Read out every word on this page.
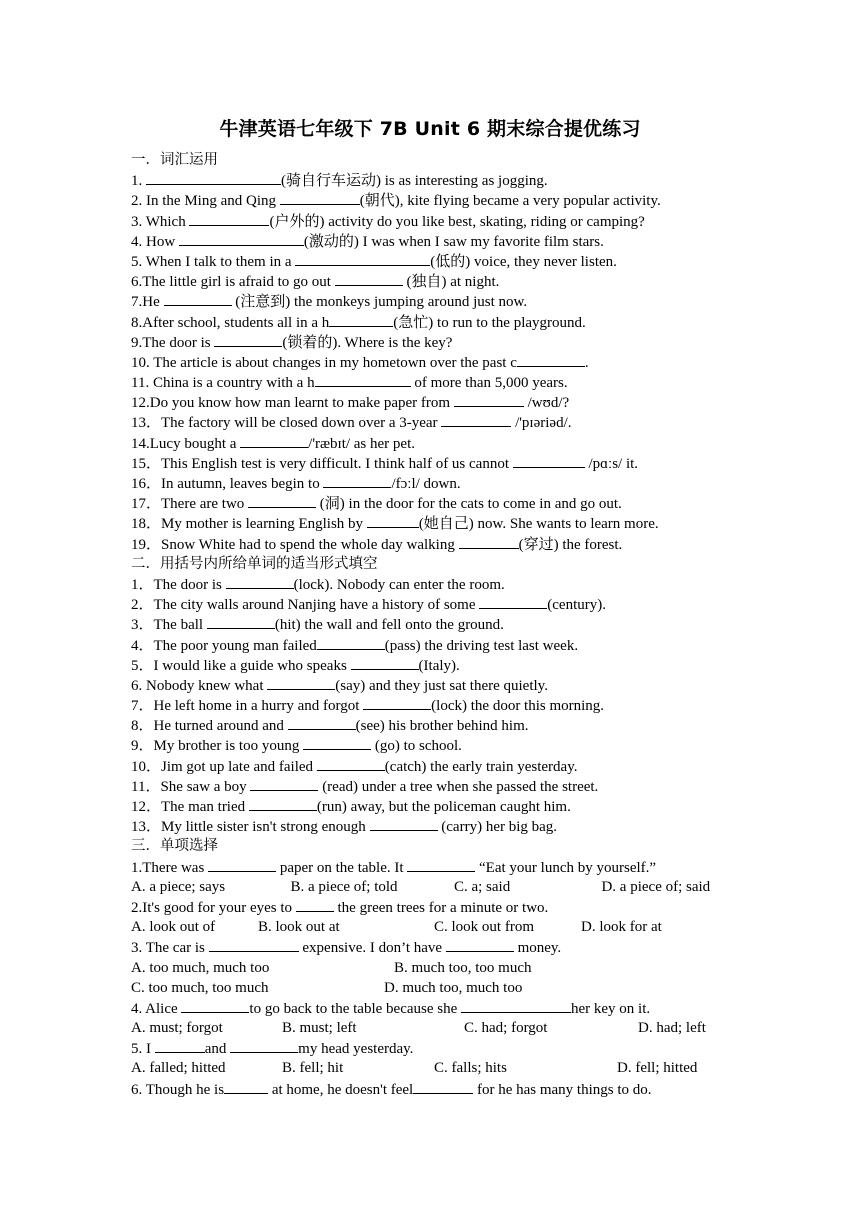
牛津英语七年级下 7B Unit 6 期末综合提优练习
一．词汇运用
1.	(骑自行车运动) is as interesting as jogging.
2. In the Ming and Qing	(朝代), kite flying became a very popular activity.
3. Which	(户外的) activity do you like best, skating, riding or camping?
4. How	(激动的) I was when I saw my favorite film stars.
5. When I talk to them in a	(低的) voice, they never listen.
6.The little girl is afraid to go out	(独自) at night.
7.He	(注意到) the monkeys jumping around just now.
8.After school, students all in a h	(急忙) to run to the playground.
9.The door is	(锁着的). Where is the key?
10. The article is about changes in my hometown over the past c	.
11. China is a country with a h	of more than 5,000 years.
12.Do you know how man learnt to make paper from	/wʊd/?
13．The factory will be closed down over a 3-year	/'pɪəriəd/.
14.Lucy bought a	/'ræbɪt/ as her pet.
15．This English test is very difficult. I think half of us cannot	/pɑːs/ it.
16．In autumn, leaves begin to	/fɔːl/ down.
17．There are two	(洞) in the door for the cats to come in and go out.
18．My mother is learning English by	(她自己) now. She wants to learn more.
19．Snow White had to spend the whole day walking	(穿过) the forest.
二．用括号内所给单词的适当形式填空
1．The door is	(lock). Nobody can enter the room.
2．The city walls around Nanjing have a history of some	(century).
3．The ball	(hit) the wall and fell onto the ground.
4．The poor young man failed	(pass) the driving test last week.
5．I would like a guide who speaks	(Italy).
6. Nobody knew what	(say) and they just sat there quietly.
7．He left home in a hurry and forgot	(lock) the door this morning.
8．He turned around and	(see) his brother behind him.
9．My brother is too young	(go) to school.
10．Jim got up late and failed	(catch) the early train yesterday.
11．She saw a boy	(read) under a tree when she passed the street.
12．The man tried	(run) away, but the policeman caught him.
13．My little sister isn't strong enough	(carry) her big bag.
三．单项选择
1.There was	paper on the table. It	“Eat your lunch by yourself.”
A. a piece; says	B. a piece of; told	C. a; said	D. a piece of; said
2.It's good for your eyes to	the green trees for a minute or two.
A. look out of	B. look out at	C. look out from	D. look for at
3. The car is	expensive. I don’t have	money.
A. too much, much too	B. much too, too much
C. too much, too much	D. much too, much too
4. Alice	to go back to the table because she	her key on it.
A. must; forgot	B. must; left	C. had; forgot	D. had; left
5. I	and	my head yesterday.
A. falled; hitted	B. fell; hit	C. falls; hits	D. fell; hitted
6. Though he is	at home, he doesn't feel	for he has many things to do.
